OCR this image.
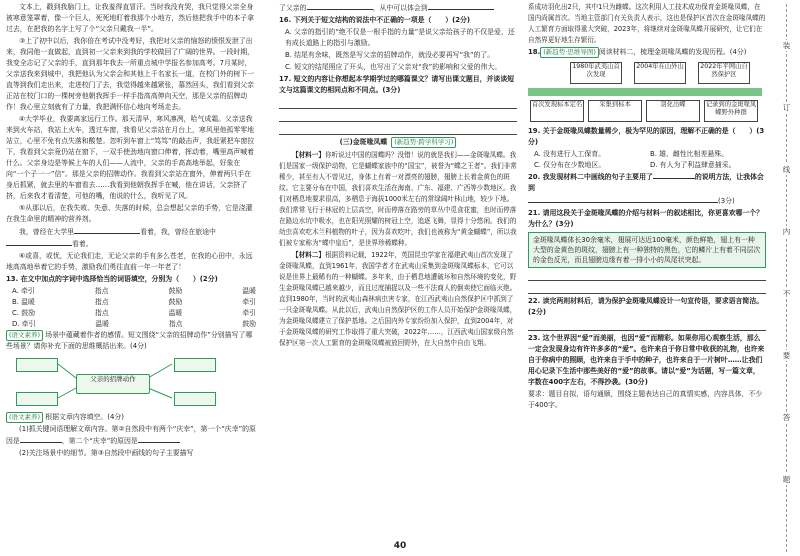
文本上，戳到我脑门上，让我羞得直冒汗。当时我没有哭，我只觉得父亲全身被寒意笼罩着，像一个巨人，死死地盯着我那个小地方，然后他把我手中的本子拿过去，在把我的名字上写了个“父亲只戴我一半”。

③上了初中以后，我你倍在考试中没考好，我把对父亲的恼怒的愤恨发泄了出来，我同他一直做起，直到初一父亲来到我的学校做回了广阔的世界。一段时期，我变全志记了父亲的手，直到那年我去一所重点城中学报名参加高考。7月某时，父亲送我来到城中，我把他认为父亲会和其他上千名家长一道，在校门外的树下一直等到我们走出来，走进校门了去，我觉得越来越紧张，慕然回头，我们看到父亲正站在校门口的一棵树旁他朝我挥手一样手指高高伸向天空，那是父亲的招牌动作！我心里立刻就有了力量，我把满怀信心地向考场走去。

④大学毕业，我要离家远行工作。那天清早，寒风凛冽，哈气成霜。父亲送我来到火车站，我站上火车，透过车窗，我看见父亲站在月台上，寒风里他孤零零地站立，心里不免有点失落和酸楚。忽听到车窗上“笃笃”的敲击声，我赶紧把车窗拉下，我看到父亲竟仍站在窗下，一双手使劲地向窗口伸着，挥动着，嘴里高声喊着什么。父亲身边是等候上车的人们——人流中，父亲的手高高地举起，好象在向“一个子一一”信”。那是父亲的招牌动作。我看到父亲站在窗外，伸着两只手在身后抓紧，就去里的车窗看去……我看到他朝我挥手在喊，他在讲话，父亲挤了挤，后来我才看清楚，可他的嘴，他说的什么，我听见了风。

⑤从那以后，在我失败、失意、失落的时候，总会想起父亲的手势，它是浇灌在我生命里的精神的营养剂。

我，曾经在大学里	看着，我，曾经在旅途中看着。

⑥或喜，或忧，无论我们走，无论父亲的手有多么苍老，在我的心田中，永远地高高地举着它的手势，激励我们勇往直前一年一年老了！

13. 在文中加点的字词中选择恰当的词语填空，分别为（　　）(2分)

A. 牵引	指点	鼓励	温暖
B. 温暖	指点	鼓励	牵引
C. 鼓励	指点	温暖	牵引
D. 牵引	温暖	指点	鼓励

(语文素养) 场景中蕴藏着作者的感情。短文围绕“父亲的招牌动作”分别描写了哪些场景？请你补充下面的思维概括出来。(4分)

父亲的招牌动作

(语文素养) 根据文章内容填空。(4分)

(1)抓关键词语理解文章内容。第②自然段中有两个“庆幸”，第一个“庆幸”的原因是	，第二个“庆幸”的原因是

(2)关注场景中的细节。第③自然段中画线的句子主要描写

了父亲的	，从中可以体会到

16. 下列关于短文结构的说法中不正确的一项是（　　）(2分)

A. 父亲的指引的“绝不仅是一根手指的力量”是说父亲给孩子的不仅是爱，还有成长道路上的指引与激励。

B. 结尾有余味，既然是写父亲的招牌动作，就没必要再写“我”的了。

C. 短文的结尾照应了开头，也写出了父亲对“我”的影响和父爱的伟大。

17. 短文的内容让你想起本学期学过的哪篇课文？请写出课文题目，并谈谈短文与这篇课文的相同点和不同点。(3分)

(三)金斑喙凤蝶 (新趋势·跨学科学习)

【材料一】你听说过中国的国蝶吗？没错！说的就是我们——金斑喙凤蝶。我们是国家一级保护动物，它是蝴蝶家族中的“国宝”，被誉为“蝶之王者”。我们非常稀少，甚至有人不曾见过，身体上有着一对漂亮的翅膀，翅膀上长着金黄色的斑纹。它主要分布在中国，我们喜欢生活在海南、广东、福建、广西等少数地区。我们对栖息地要求很高，多栖息于海拔1000米左右的常绿阔叶林山地，较少下地。我们常常飞行于林冠的上层高空，时而停落在路旁的草丛中觅食花蜜，也时而停落在路边水坑中吸水，也在阳光照耀的树冠上空，追逐飞舞，显得十分悠闲。我们的幼虫喜欢吃木兰科植物的叶子，因为喜欢吃叶，我们也被称为“黄金蝴蝶”，所以我们被专家称为“蝶中皇后”，是世界珍稀蝶种。

【材料二】根据资料记载，1922年，英国昆虫学家在福建武夷山首次发现了金斑喙凤蝶，直到1961年，我国学者才在武夷山采集到金斑喙凤蝶标本，它可以说是世界上最稀有的一种蝴蝶。多年来，由于栖息地遭破坏和自然环境的变化，野生金斑喙凤蝶已越来越少，而且过度捕捉以及一些不法商人的倒卖使它面临灭绝。直到1980年，当时的武夷山森林病虫害专家，在江西武夷山自然保护区中抓到了一只金斑喙凤蝶。从此以后，武夷山自然保护区的工作人员开始保护金斑喙凤蝶，为金斑喙凤蝶建立了保护基地。之后国内外专家纷纷加入保护，直到2004年，对于金斑喙凤蝶的研究工作取得了重大突破，2022年……，江西武夷山国家级自然保护区第一次人工繁育的金斑喙凤蝶被放回野外，在大自然中自由飞翔。

系成功羽化出2只，其中1只为雌蝶。这次利用人工技术成功保育金斑喙凤蝶，在国内尚属首次。当地主管部门有关负责人表示，这也是保护区首次在金斑喙凤蝶的人工繁育方面取得重大突破，2023年，将继续对金斑喙凤蝶开展研究，让它们在自然界更好地生存繁衍。

18. (新趋势·思维导图) 阅读材料二，梳理金斑喙凤蝶的发现历程。(4分)

1980年武夷山首次发现
2004年在山外山	2022年平网山自然保护区
首次发现标本定名	采集到标本	羽化出蝶	记录到的金斑喙凤蝶野外种群

19. 关于金斑喙凤蝶数量稀少，极为罕见的原因，理解不正确的是（　　）(3分)

A. 没有进行人工保育。	B. 雄、雌性比相差悬殊。
C. 仅分布在少数地区。	D. 有人为了利益肆意捕采。

20. 我发现材料二中画线的句子主要用了	的说明方法，让我体会到

(3分)

21. 请用这段关于金斑喙凤蝶的介绍与材料一的叙述相比，你更喜欢哪一个？为什么？(3分)

金斑喙凤蝶体长30余毫米，翅展可达近100毫米，颜色鲜艳，翅上有一种大型的金黄色的斑纹，翅膀上有一种独特的黑色，它的鳞片上有着不同层次的金色反光，而且翅膀边缘有着一排小小的凤尾状突起。

22. 读完两则材料后，请为保护金斑喙凤蝶设计一句宣传语，要求语言简洁。(2分)

23. 这个世界因“爱”而美丽，也因“爱”而精彩。如果你用心观察生活，那么一定会发现身边有许许多多的“爱”。也许来自于你日常中收获的礼物，也许来自于你病中的照顾，也许来自于手中的种子，也许来自于一片树叶……让我们用心记录下生活中那些美好的“爱”的故事。请以“爱”为话题，写一篇文章，字数在400字左右，不得抄袭。(30分)

要求：题目自拟，语句通顺，围绕主题表达自己的真情实感，内容具体，不少于400字。

40
装
订
线
内
不
要
答
题
